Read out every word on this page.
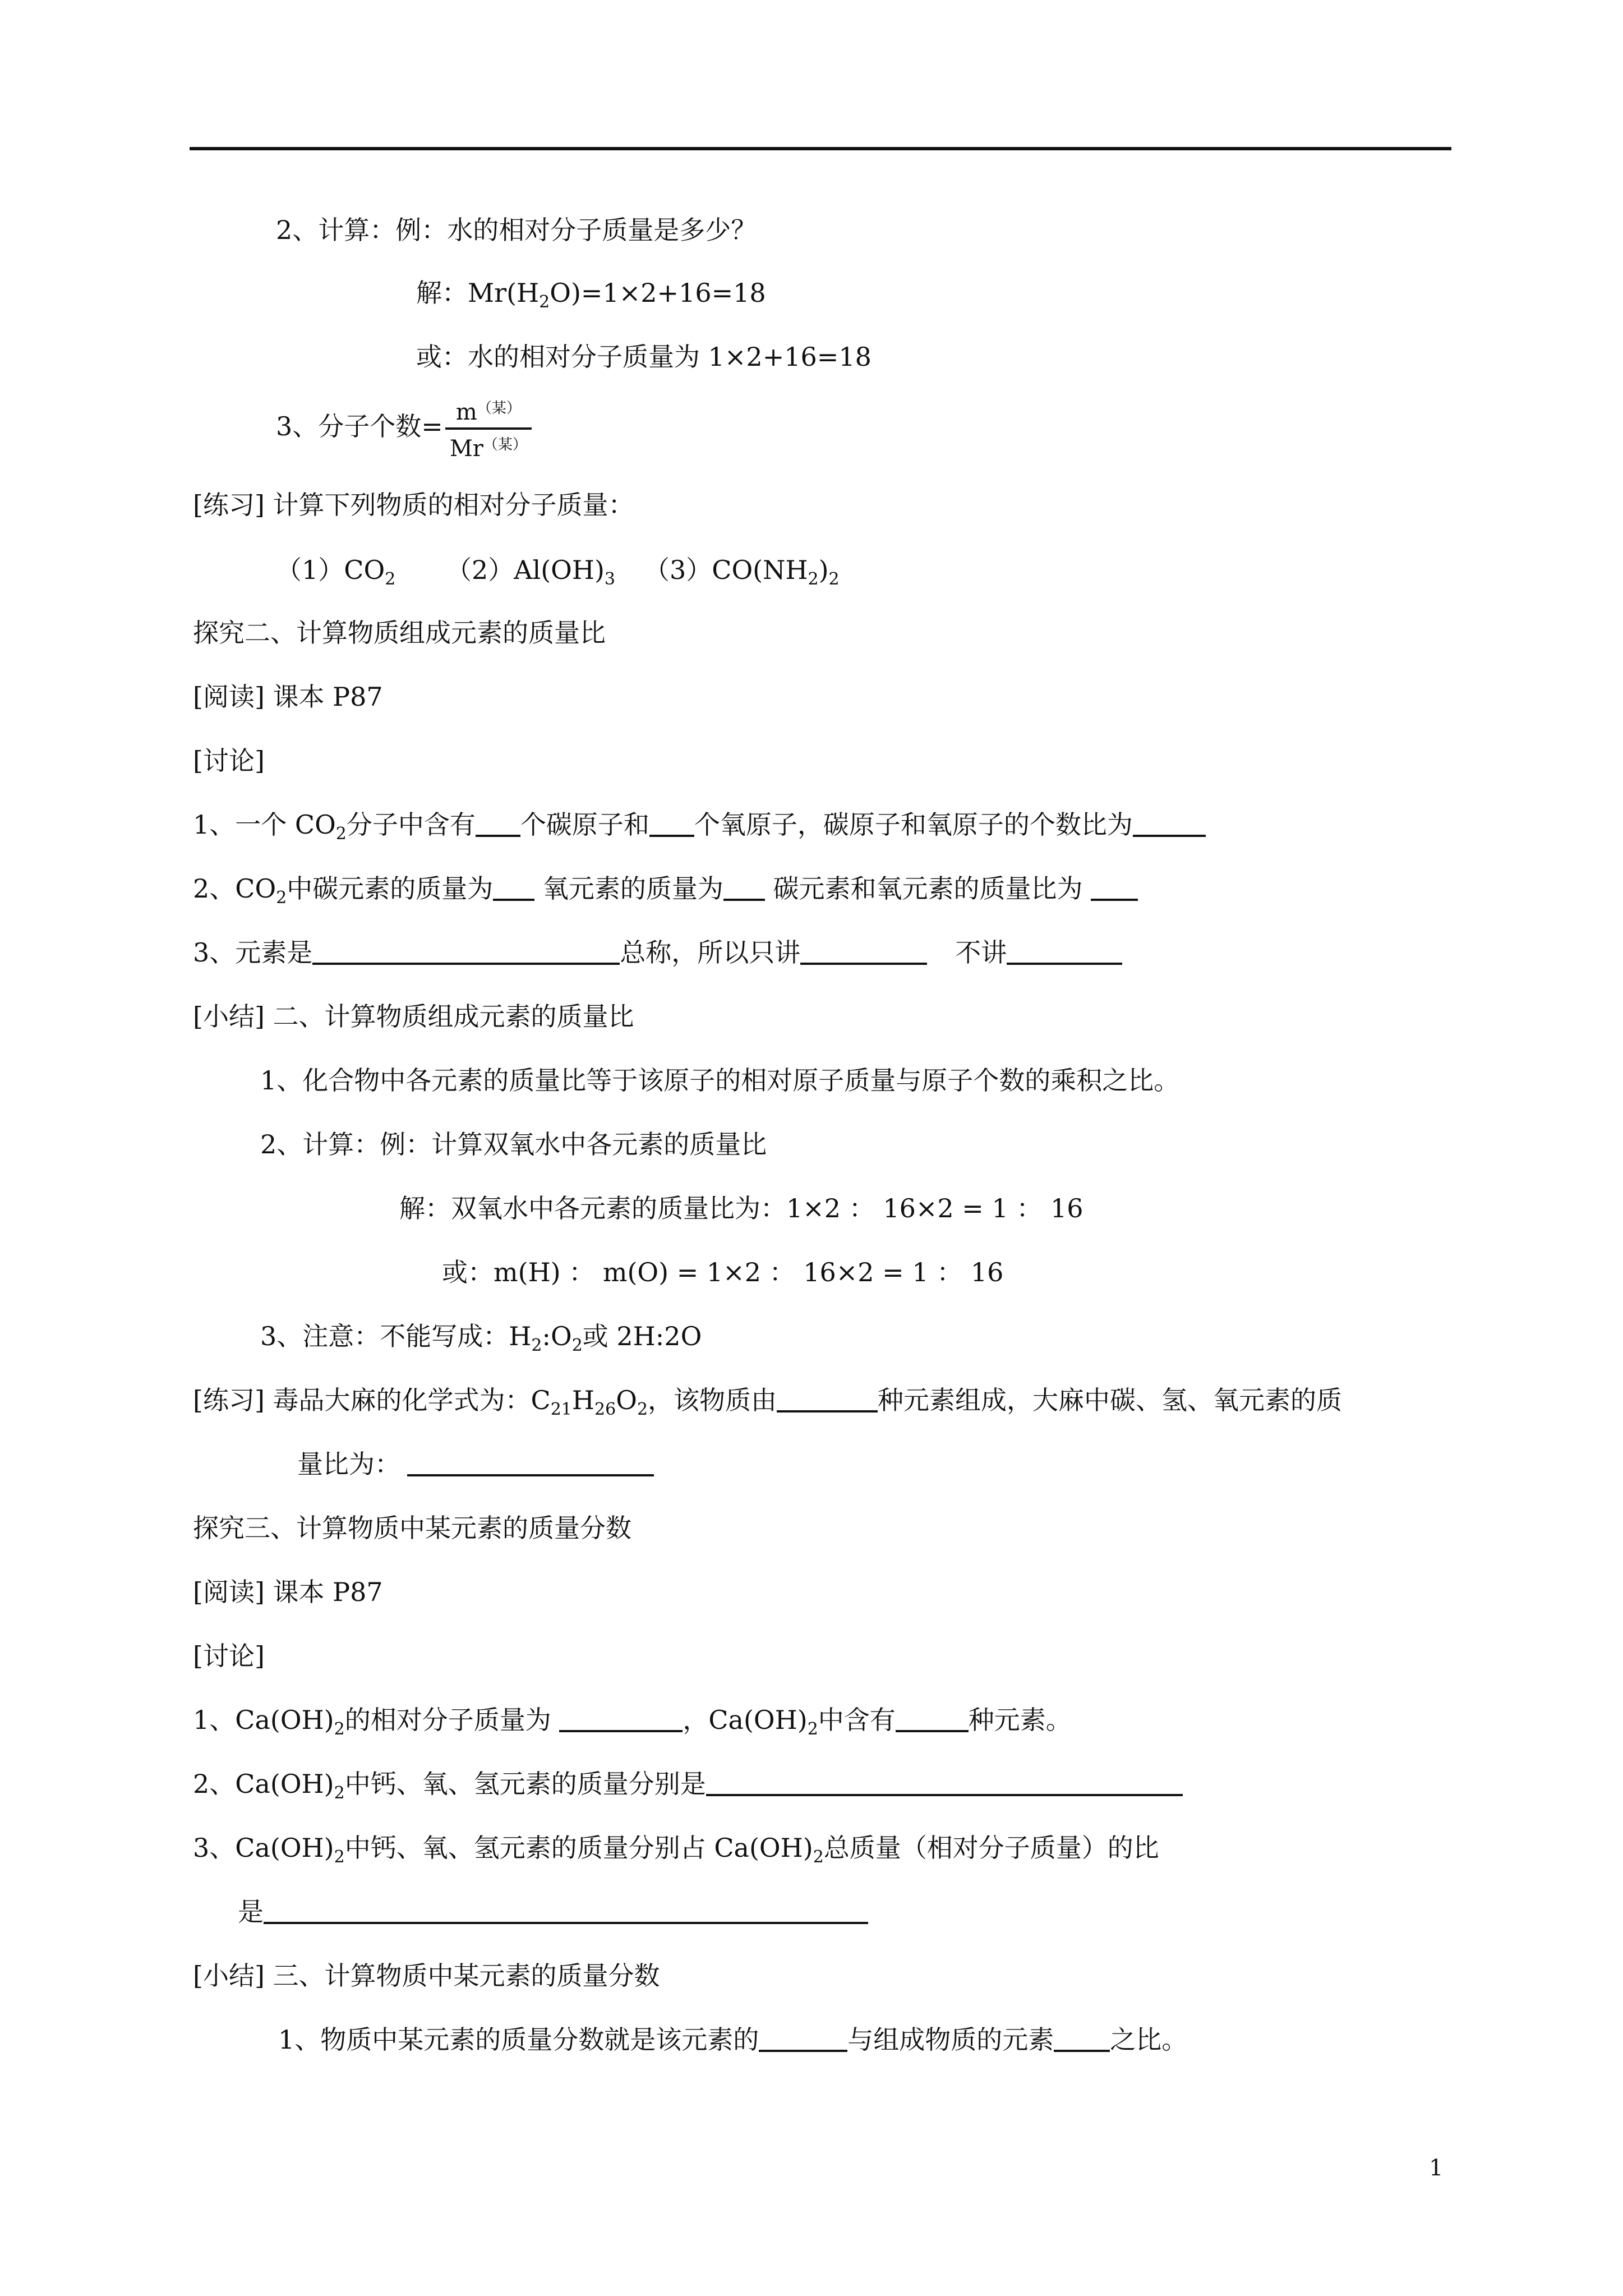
2、计算：例：水的相对分子质量是多少？
解：$Mr(H_2O)=1\times 2+16=18$
或：水的相对分子质量为 1×2+16=18
3、分子个数= $\frac{m^{(某)}}{Mr^{(某)}}$
[练习] 计算下列物质的相对分子质量：
$(1)CO_2$ $(2)Al(OH)_3$ $(3)CO(NH_2)_2$
探究二、计算物质组成元素的质量比
[阅读] 课本 P87
[讨论]
1、一个 $CO_2$分子中含有 个碳原子和 个氧原子，碳原子和氧原子的个数比为
2、$CO_2$中碳元素的质量为 氧元素的质量为 碳元素和氧元素的质量比为
3、元素是	总称，所以只讲	不讲
[小结] 二、计算物质组成元素的质量比
1、化合物中各元素的质量比等于该原子的相对原子质量与原子个数的乘积之比。
2、计算：例：计算双氧水中各元素的质量比
解：双氧水中各元素的质量比为：1×2 ： 16×2 = 1 ： 16
或：m(H) ： m(O) = 1×2 ： 16×2 = 1 ： 16
3、注意：不能写成：$H_2:O_2$或 2H:2O
[练习] 毒品大麻的化学式为：$C_{21}H_{26}O_2$，该物质由	种元素组成，大麻中碳、氢、氧元素的质
量比为：
探究三、计算物质中某元素的质量分数
[阅读] 课本 P87
[讨论]
1、$Ca(OH)_2$的相对分子质量为	，$Ca(OH)_2$中含有	种元素。
2、$Ca(OH)_2$中钙、氧、氢元素的质量分别是
3、$Ca(OH)_2$中钙、氧、氢元素的质量分别占 $Ca(OH)_2$总质量（相对分子质量）的比
是
[小结] 三、计算物质中某元素的质量分数
1、物质中某元素的质量分数就是该元素的	与组成物质的元素 之比。
1
